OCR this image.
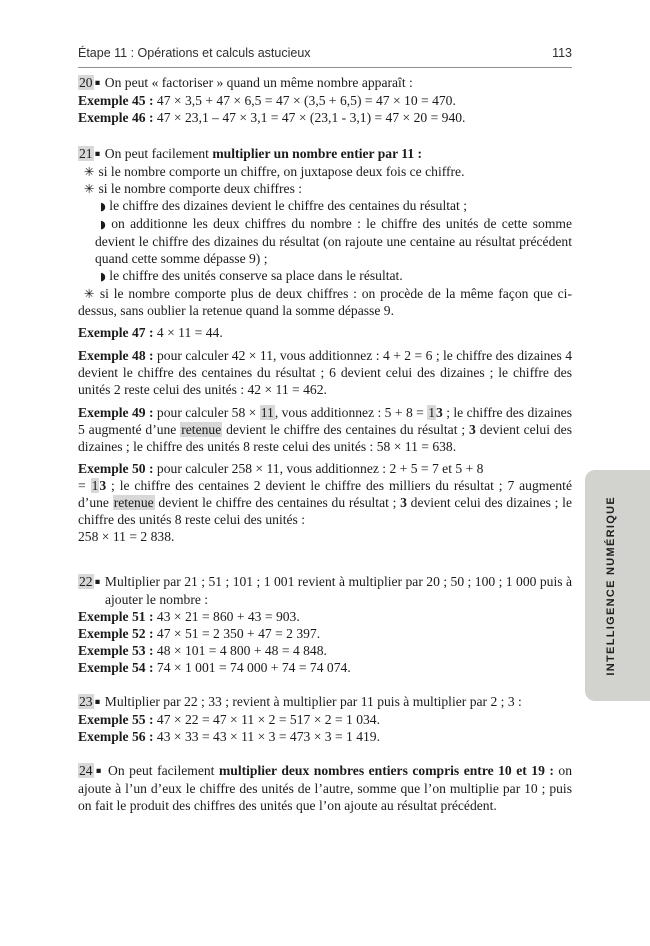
Étape 11 : Opérations et calculs astucieux	113

20 ▪ On peut « factoriser » quand un même nombre apparaît :

Exemple 45 : 47 × 3,5 + 47 × 6,5 = 47 × (3,5 + 6,5) = 47 × 10 = 470.

Exemple 46 : 47 × 23,1 – 47 × 3,1 = 47 × (23,1 - 3,1) = 47 × 20 = 940.

21 ▪ On peut facilement multiplier un nombre entier par 11 :

✳ si le nombre comporte un chiffre, on juxtapose deux fois ce chiffre.

✳ si le nombre comporte deux chiffres :

◗ le chiffre des dizaines devient le chiffre des centaines du résultat ;

◗ on additionne les deux chiffres du nombre : le chiffre des unités de cette somme devient le chiffre des dizaines du résultat (on rajoute une centaine au résultat précédent quand cette somme dépasse 9) ;

◗ le chiffre des unités conserve sa place dans le résultat.

✳ si le nombre comporte plus de deux chiffres : on procède de la même façon que ci-dessus, sans oublier la retenue quand la somme dépasse 9.

Exemple 47 : 4 × 11 = 44.

Exemple 48 : pour calculer 42 × 11, vous additionnez : 4 + 2 = 6 ; le chiffre des dizaines 4 devient le chiffre des centaines du résultat ; 6 devient celui des dizaines ; le chiffre des unités 2 reste celui des unités : 42 × 11 = 462.

Exemple 49 : pour calculer 58 × 11, vous additionnez : 5 + 8 = 13 ; le chiffre des dizaines 5 augmenté d’une retenue devient le chiffre des centaines du résultat ; 3 devient celui des dizaines ; le chiffre des unités 8 reste celui des unités : 58 × 11 = 638.

Exemple 50 : pour calculer 258 × 11, vous additionnez : 2 + 5 = 7 et 5 + 8
= 13 ; le chiffre des centaines 2 devient le chiffre des milliers du résultat ; 7 augmenté d’une retenue devient le chiffre des centaines du résultat ; 3 devient celui des dizaines ; le chiffre des unités 8 reste celui des unités :
258 × 11 = 2 838.

22 ▪ Multiplier par 21 ; 51 ; 101 ; 1 001 revient à multiplier par 20 ; 50 ; 100 ; 1 000 puis à ajouter le nombre :

Exemple 51 : 43 × 21 = 860 + 43 = 903.

Exemple 52 : 47 × 51 = 2 350 + 47 = 2 397.

Exemple 53 : 48 × 101 = 4 800 + 48 = 4 848.

Exemple 54 : 74 × 1 001 = 74 000 + 74 = 74 074.

23 ▪ Multiplier par 22 ; 33 ; revient à multiplier par 11 puis à multiplier par 2 ; 3 :

Exemple 55 : 47 × 22 = 47 × 11 × 2 = 517 × 2 = 1 034.

Exemple 56 : 43 × 33 = 43 × 11 × 3 = 473 × 3 = 1 419.

24 ▪ On peut facilement multiplier deux nombres entiers compris entre 10 et 19 : on ajoute à l’un d’eux le chiffre des unités de l’autre, somme que l’on multiplie par 10 ; puis on fait le produit des chiffres des unités que l’on ajoute au résultat précédent.

INTELLIGENCE NUMÉRIQUE
